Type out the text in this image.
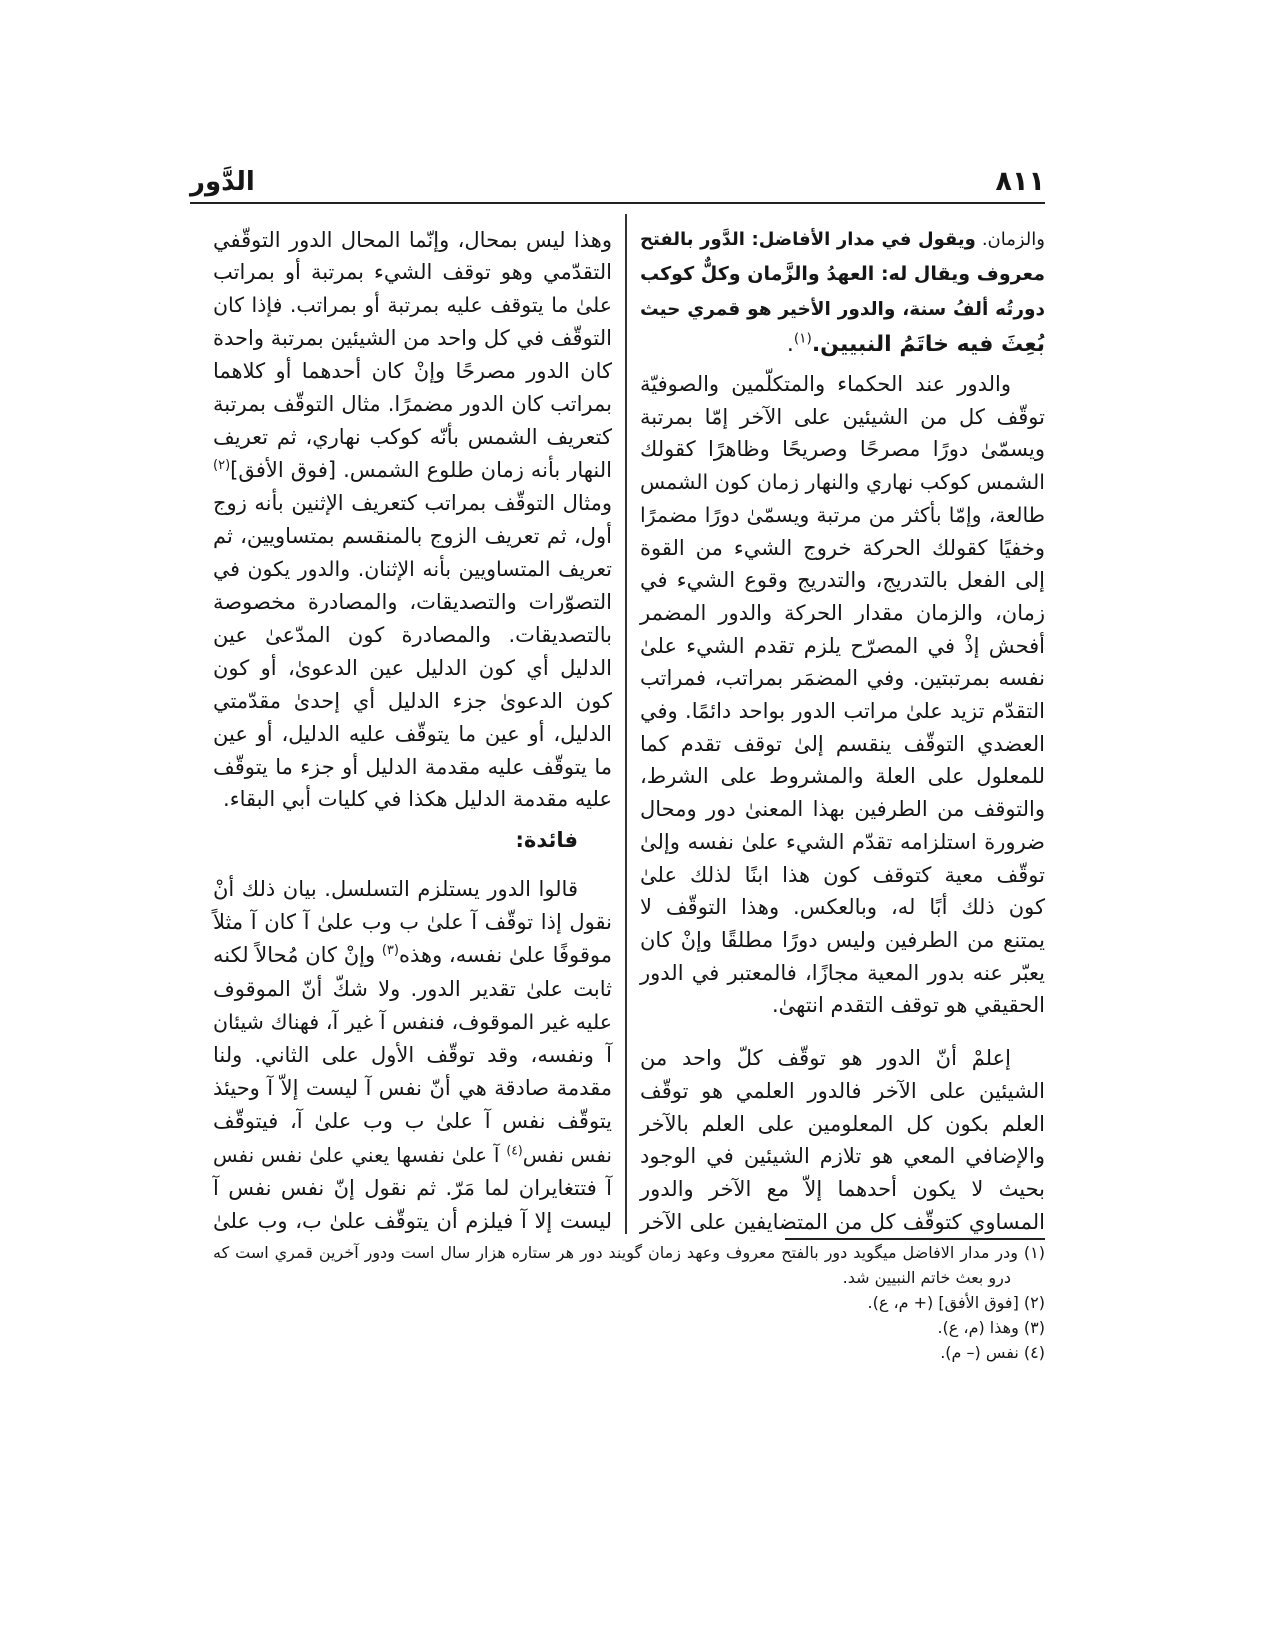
الدَّور	٨١١
والزمان. ويقول في مدار الأفاضل: الدَّور بالفتح
معروف ويقال له: العهدُ والزَّمان وكلٌّ كوكب
دورتُه ألفُ سنة، والدور الأخير هو قمري حيث
بُعِثَ فيه خاتَمُ النبيين.$^{(١)}$.
والدور عند الحكماء والمتكلّمين والصوفيّة
توقّف كل من الشيئين على الآخر إمّا بمرتبة
ويسمّىٰ دورًا مصرحًا وصريحًا وظاهرًا كقولك
الشمس كوكب نهاري والنهار زمان كون الشمس
طالعة، وإمّا بأكثر من مرتبة ويسمّىٰ دورًا مضمرًا
وخفيًا كقولك الحركة خروج الشيء من القوة
إلى الفعل بالتدريج، والتدريج وقوع الشيء في
زمان، والزمان مقدار الحركة والدور المضمر
أفحش إذْ في المصرّح يلزم تقدم الشيء علىٰ
نفسه بمرتبتين. وفي المضمَر بمراتب، فمراتب
التقدّم تزيد علىٰ مراتب الدور بواحد دائمًا. وفي
العضدي التوقّف ينقسم إلىٰ توقف تقدم كما
للمعلول على العلة والمشروط على الشرط،
والتوقف من الطرفين بهذا المعنىٰ دور ومحال
ضرورة استلزامه تقدّم الشيء علىٰ نفسه وإلىٰ
توقّف معية كتوقف كون هذا ابنًا لذلك علىٰ
كون ذلك أبًا له، وبالعكس. وهذا التوقّف لا
يمتنع من الطرفين وليس دورًا مطلقًا وإنْ كان
يعبّر عنه بدور المعية مجازًا، فالمعتبر في الدور
الحقيقي هو توقف التقدم انتهىٰ.
إعلمْ أنّ الدور هو توقّف كلّ واحد من
الشيئين على الآخر فالدور العلمي هو توقّف
العلم بكون كل المعلومين على العلم بالآخر
والإضافي المعي هو تلازم الشيئين في الوجود
بحيث لا يكون أحدهما إلاّ مع الآخر والدور
المساوي كتوقّف كل من المتضايفين على الآخر
وهذا ليس بمحال، وإنّما المحال الدور التوقّفي
التقدّمي وهو توقف الشيء بمرتبة أو بمراتب
علىٰ ما يتوقف عليه بمرتبة أو بمراتب. فإذا كان
التوقّف في كل واحد من الشيئين بمرتبة واحدة
كان الدور مصرحًا وإنْ كان أحدهما أو كلاهما
بمراتب كان الدور مضمرًا. مثال التوقّف بمرتبة
كتعريف الشمس بأنّه كوكب نهاري، ثم تعريف
النهار بأنه زمان طلوع الشمس. [فوق الأفق]$^{(٢)}$
ومثال التوقّف بمراتب كتعريف الإثنين بأنه زوج
أول، ثم تعريف الزوج بالمنقسم بمتساويين، ثم
تعريف المتساويين بأنه الإثنان. والدور يكون في
التصوّرات والتصديقات، والمصادرة مخصوصة
بالتصديقات. والمصادرة كون المدّعىٰ عين
الدليل أي كون الدليل عين الدعوىٰ، أو كون
كون الدعوىٰ جزء الدليل أي إحدىٰ مقدّمتي
الدليل، أو عين ما يتوقّف عليه الدليل، أو عين
ما يتوقّف عليه مقدمة الدليل أو جزء ما يتوقّف
عليه مقدمة الدليل هكذا في كليات أبي البقاء.
فائدة:
قالوا الدور يستلزم التسلسل. بيان ذلك أنْ
نقول إذا توقّف آ علىٰ ب وب علىٰ آ كان آ مثلاً
موقوفًا علىٰ نفسه، وهذه$^{(٣)}$ وإنْ كان مُحالاً لكنه
ثابت علىٰ تقدير الدور. ولا شكّ أنّ الموقوف
عليه غير الموقوف، فنفس آ غير آ، فهناك شيئان
آ ونفسه، وقد توقّف الأول على الثاني. ولنا
مقدمة صادقة هي أنّ نفس آ ليست إلاّ آ وحيئذ
يتوقّف نفس آ علىٰ ب وب علىٰ آ، فيتوقّف
نفس نفس$^{(٤)}$ آ علىٰ نفسها يعني علىٰ نفس نفس
آ فتتغايران لما مَرّ. ثم نقول إنّ نفس نفس آ
ليست إلا آ فيلزم أن يتوقّف علىٰ ب، وب علىٰ
(١) ودر مدار الافاضل ميگويد دور بالفتح معروف وعهد زمان گويند دور هر ستاره هزار سال است ودور آخرين قمري است كه
درو بعث خاتم النبيين شد.
(٢) [فوق الأفق] (+ م، ع).
(٣) وهذا (م، ع).
(٤) نفس (– م).
